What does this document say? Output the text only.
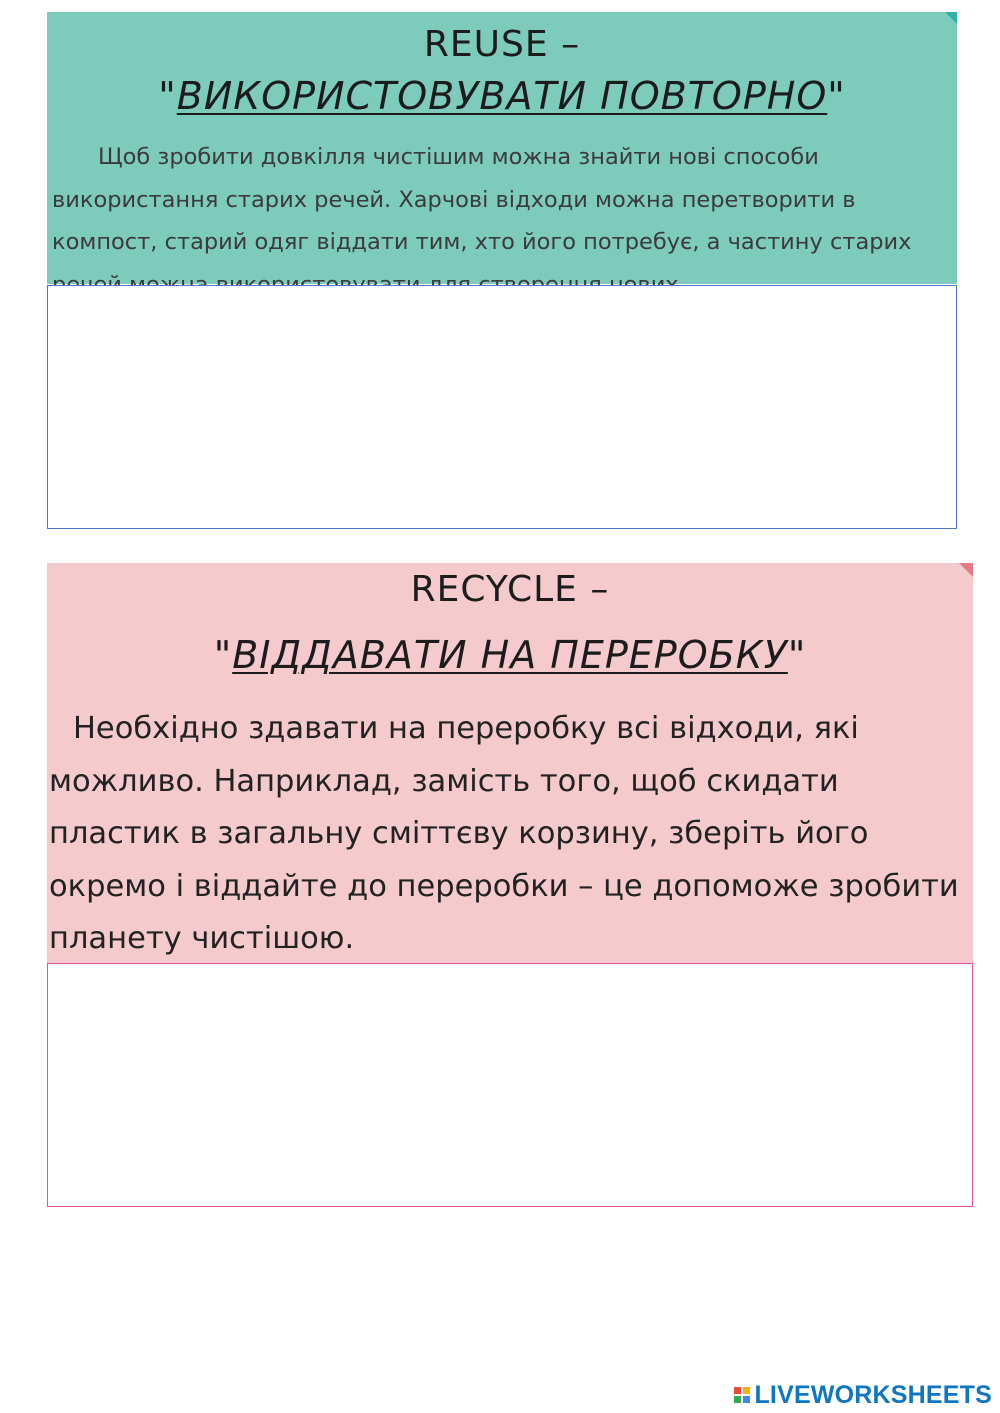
REUSE –
"ВИКОРИСТОВУВАТИ ПОВТОРНО"

Щоб зробити довкілля чистішим можна знайти нові способи використання старих речей. Харчові відходи можна перетворити в компост, старий одяг віддати тим, хто його потребує, а частину старих

RECYCLE –
"ВІДДАВАТИ НА ПЕРЕРОБКУ"

Необхідно здавати на переробку всі відходи, які можливо. Наприклад, замість того, щоб скидати пластик в загальну сміттєву корзину, зберіть його окремо і віддайте до переробки – це допоможе зробити планету чистішою.

LIVEWORKSHEETS
